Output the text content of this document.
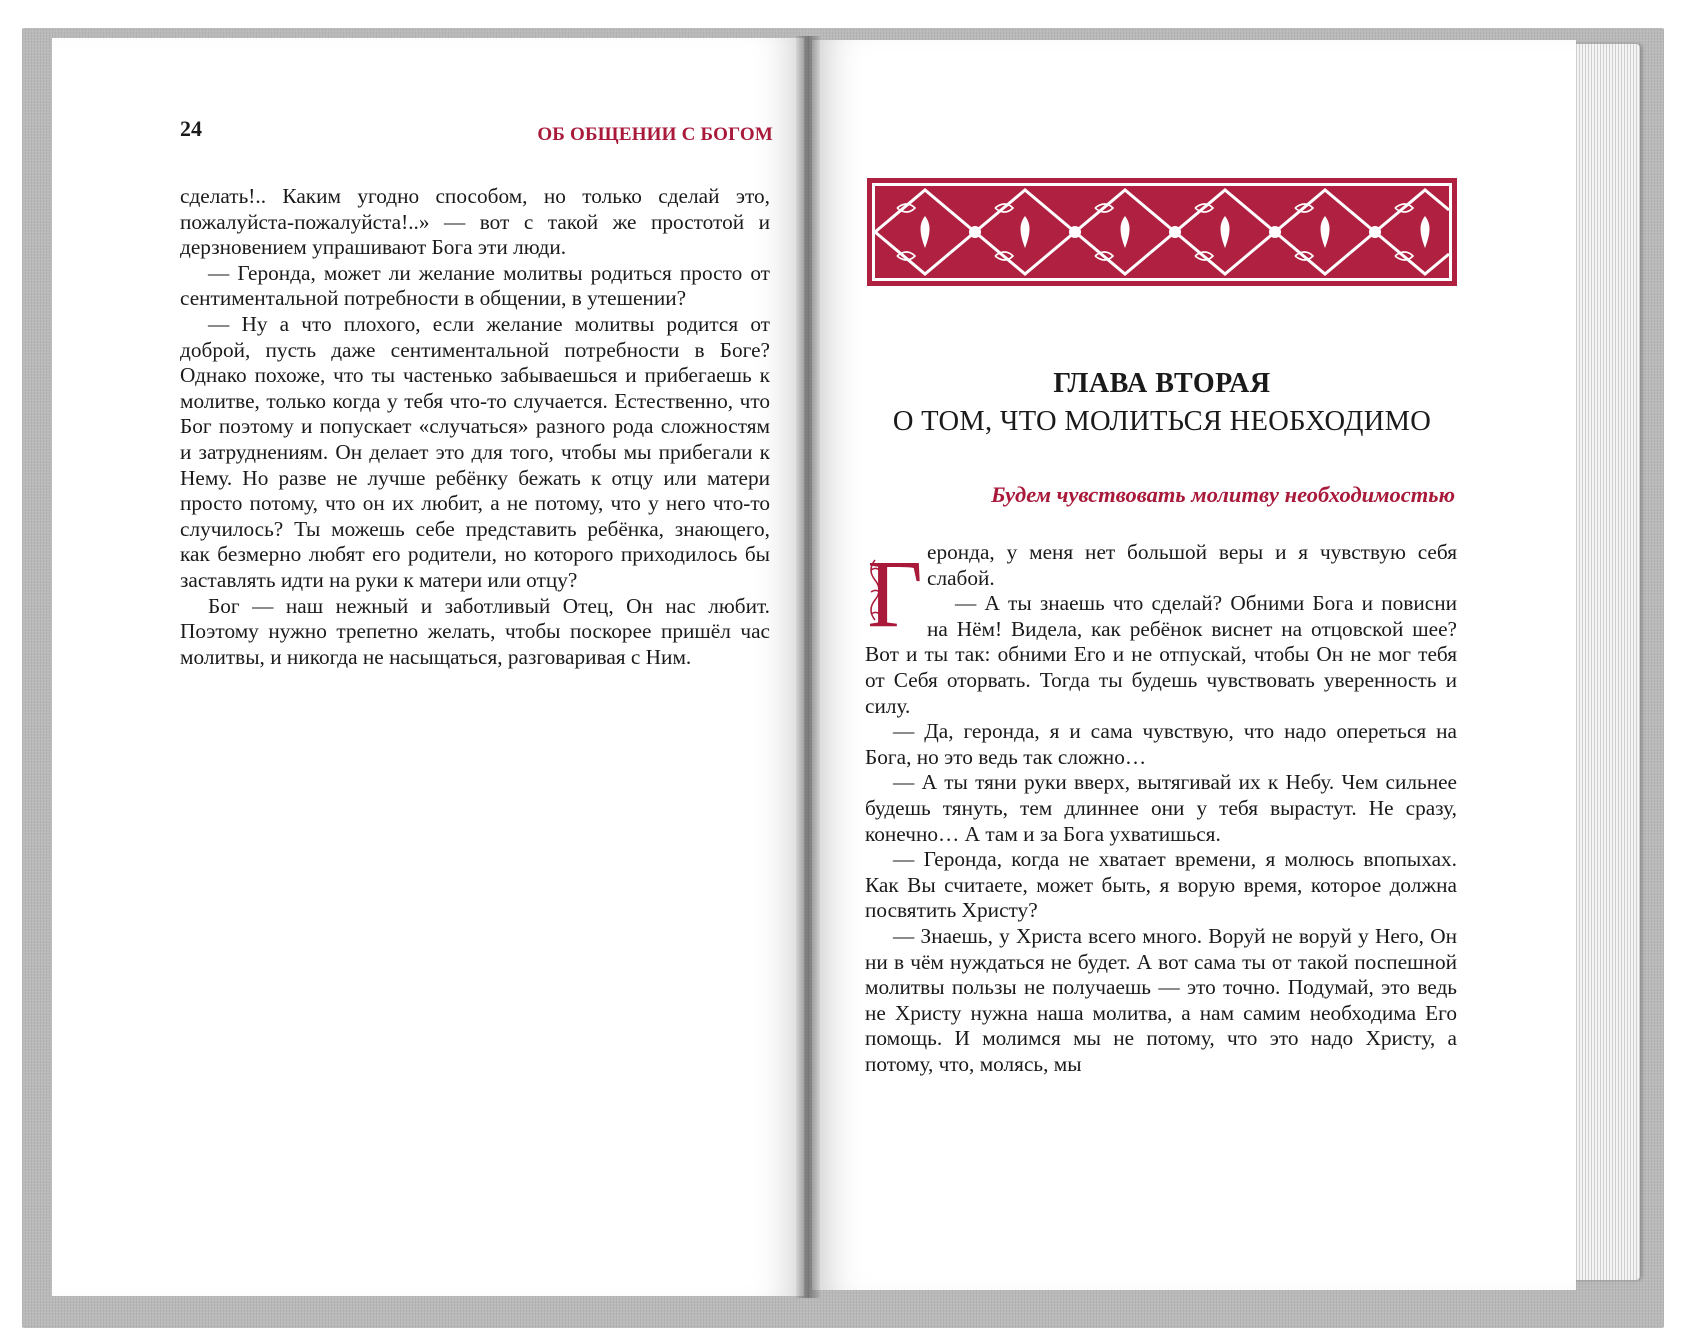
24	ОБ ОБЩЕНИИ С БОГОМ

сделать!.. Каким угодно способом, но только сделай это, пожалуйста-пожалуйста!..» — вот с такой же простотой и дерзновением упрашивают Бога эти люди.

— Геронда, может ли желание молитвы родиться просто от сентиментальной потребности в общении, в утешении?

— Ну а что плохого, если желание молитвы родится от доброй, пусть даже сентиментальной потребности в Боге? Однако похоже, что ты частенько забываешься и прибегаешь к молитве, только когда у тебя что-то случается. Естественно, что Бог поэтому и попускает «случаться» разного рода сложностям и затруднениям. Он делает это для того, чтобы мы прибегали к Нему. Но разве не лучше ребёнку бежать к отцу или матери просто потому, что он их любит, а не потому, что у него что-то случилось? Ты можешь себе представить ребёнка, знающего, как безмерно любят его родители, но которого приходилось бы заставлять идти на руки к матери или отцу?

Бог — наш нежный и заботливый Отец, Он нас любит. Поэтому нужно трепетно желать, чтобы поскорее пришёл час молитвы, и никогда не насыщаться, разговаривая с Ним.

ГЛАВА ВТОРАЯ
О ТОМ, ЧТО МОЛИТЬСЯ НЕОБХОДИМО
Будем чувствовать молитву необходимостью
Г еронда, у меня нет большой веры и я чувствую себя слабой.

— А ты знаешь что сделай? Обними Бога и повисни на Нём! Видела, как ребёнок виснет на отцовской шее? Вот и ты так: обними Его и не отпускай, чтобы Он не мог тебя от Себя оторвать. Тогда ты будешь чувствовать уверенность и силу.

— Да, геронда, я и сама чувствую, что надо опереться на Бога, но это ведь так сложно…

— А ты тяни руки вверх, вытягивай их к Небу. Чем сильнее будешь тянуть, тем длиннее они у тебя вырастут. Не сразу, конечно… А там и за Бога ухватишься.

— Геронда, когда не хватает времени, я молюсь впопыхах. Как Вы считаете, может быть, я ворую время, которое должна посвятить Христу?

— Знаешь, у Христа всего много. Воруй не воруй у Него, Он ни в чём нуждаться не будет. А вот сама ты от такой поспешной молитвы пользы не получаешь — это точно. Подумай, это ведь не Христу нужна наша молитва, а нам самим необходима Его помощь. И молимся мы не потому, что это надо Христу, а потому, что, молясь, мы
